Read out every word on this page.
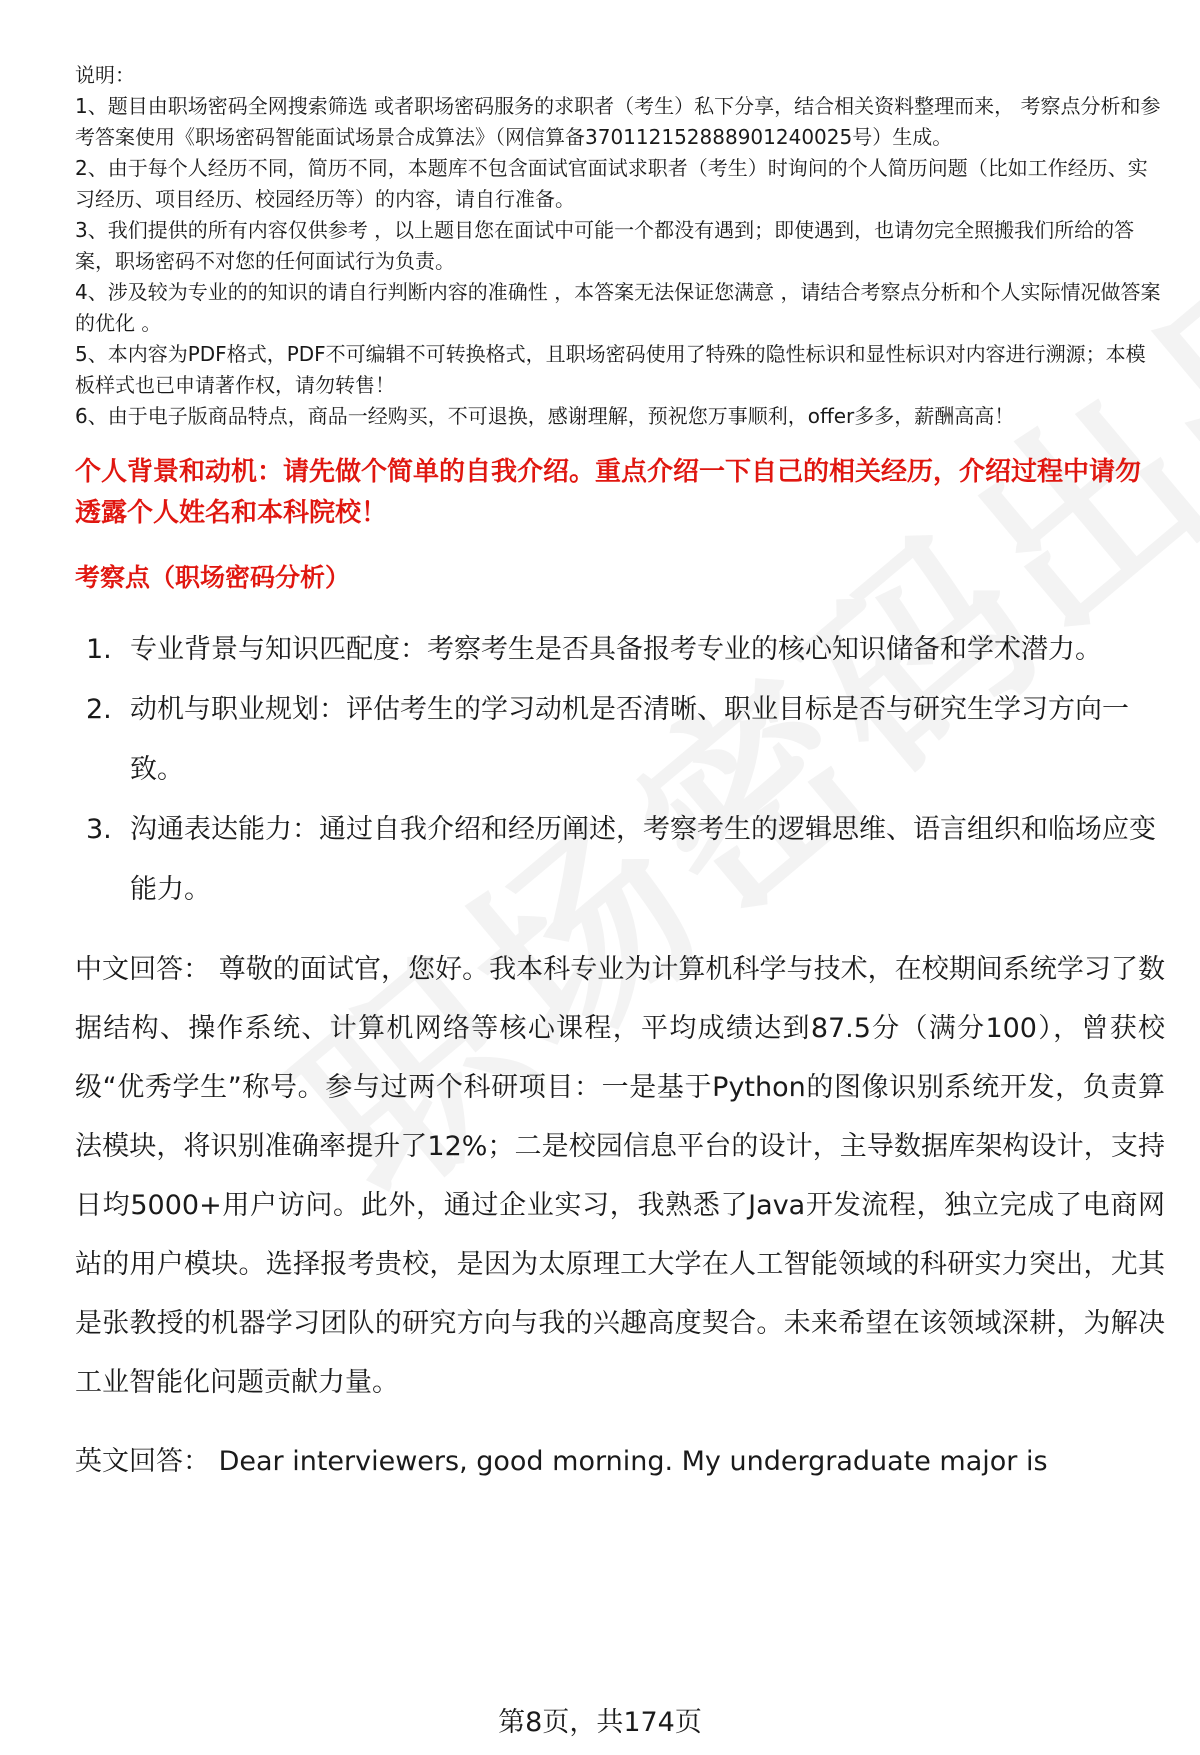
说明：

1、题目由职场密码全网搜索筛选 或者职场密码服务的求职者（考生）私下分享，结合相关资料整理而来， 考察点分析和参考答案使用《职场密码智能面试场景合成算法》（网信算备370112152888901240025号）生成。

2、由于每个人经历不同，简历不同，本题库不包含面试官面试求职者（考生）时询问的个人简历问题（比如工作经历、实习经历、项目经历、校园经历等）的内容，请自行准备。

3、我们提供的所有内容仅供参考 ，以上题目您在面试中可能一个都没有遇到；即使遇到，也请勿完全照搬我们所给的答案，职场密码不对您的任何面试行为负责。

4、涉及较为专业的的知识的请自行判断内容的准确性 ，本答案无法保证您满意 ，请结合考察点分析和个人实际情况做答案的优化 。

5、本内容为PDF格式，PDF不可编辑不可转换格式，且职场密码使用了特殊的隐性标识和显性标识对内容进行溯源；本模板样式也已申请著作权，请勿转售！

6、由于电子版商品特点，商品一经购买，不可退换，感谢理解，预祝您万事顺利，offer多多，薪酬高高！

个人背景和动机：请先做个简单的自我介绍。重点介绍一下自己的相关经历，介绍过程中请勿透露个人姓名和本科院校！
考察点（职场密码分析）
1. 专业背景与知识匹配度：考察考生是否具备报考专业的核心知识储备和学术潜力。
2. 动机与职业规划：评估考生的学习动机是否清晰、职业目标是否与研究生学习方向一致。
3. 沟通表达能力：通过自我介绍和经历阐述，考察考生的逻辑思维、语言组织和临场应变能力。
中文回答： 尊敬的面试官，您好。我本科专业为计算机科学与技术，在校期间系统学习了数据结构、操作系统、计算机网络等核心课程，平均成绩达到87.5分（满分100），曾获校级“优秀学生”称号。参与过两个科研项目：一是基于Python的图像识别系统开发，负责算法模块，将识别准确率提升了12%；二是校园信息平台的设计，主导数据库架构设计，支持日均5000+用户访问。此外，通过企业实习，我熟悉了Java开发流程，独立完成了电商网站的用户模块。选择报考贵校，是因为太原理工大学在人工智能领域的科研实力突出，尤其是张教授的机器学习团队的研究方向与我的兴趣高度契合。未来希望在该领域深耕，为解决工业智能化问题贡献力量。
英文回答： Dear interviewers, good morning. My undergraduate major is
第8页，共174页
